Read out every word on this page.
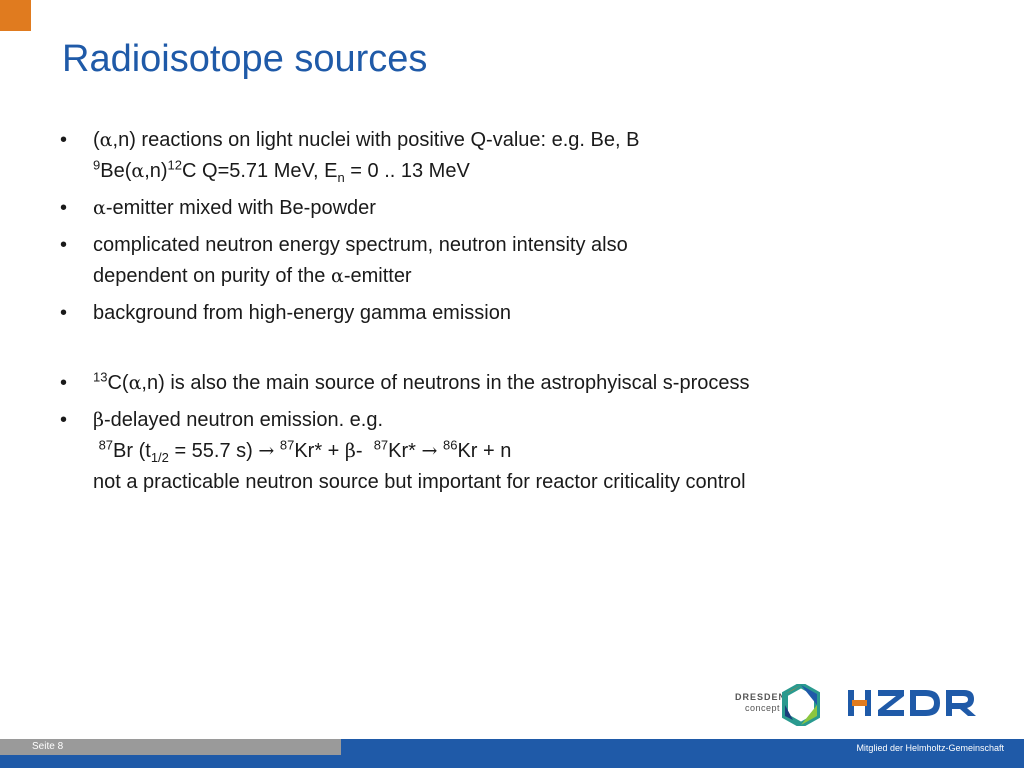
Radioisotope sources
•	(α,n) reactions on light nuclei with positive Q-value: e.g. Be, B
$^9Be(\alpha,n)^{12}C$ Q=5.71 MeV, $E_n = 0$ .. 13 MeV
•	α-emitter mixed with Be-powder
•	complicated neutron energy spectrum, neutron intensity also
dependent on purity of the α-emitter
•	background from high-energy gamma emission
•	$^{13}$C(α,n) is also the main source of neutrons in the astrophyiscal s-process
•	β-delayed neutron emission. e.g.
$^{87}$Br ($t_{1/2} = 55.7$ s) → $^{87}$Kr* + β-  $^{87}$Kr* → $^{86}$Kr + n
not a practicable neutron source but important for reactor criticality control
DRESDEN
concept
Seite 8	Mitglied der Helmholtz-Gemeinschaft
